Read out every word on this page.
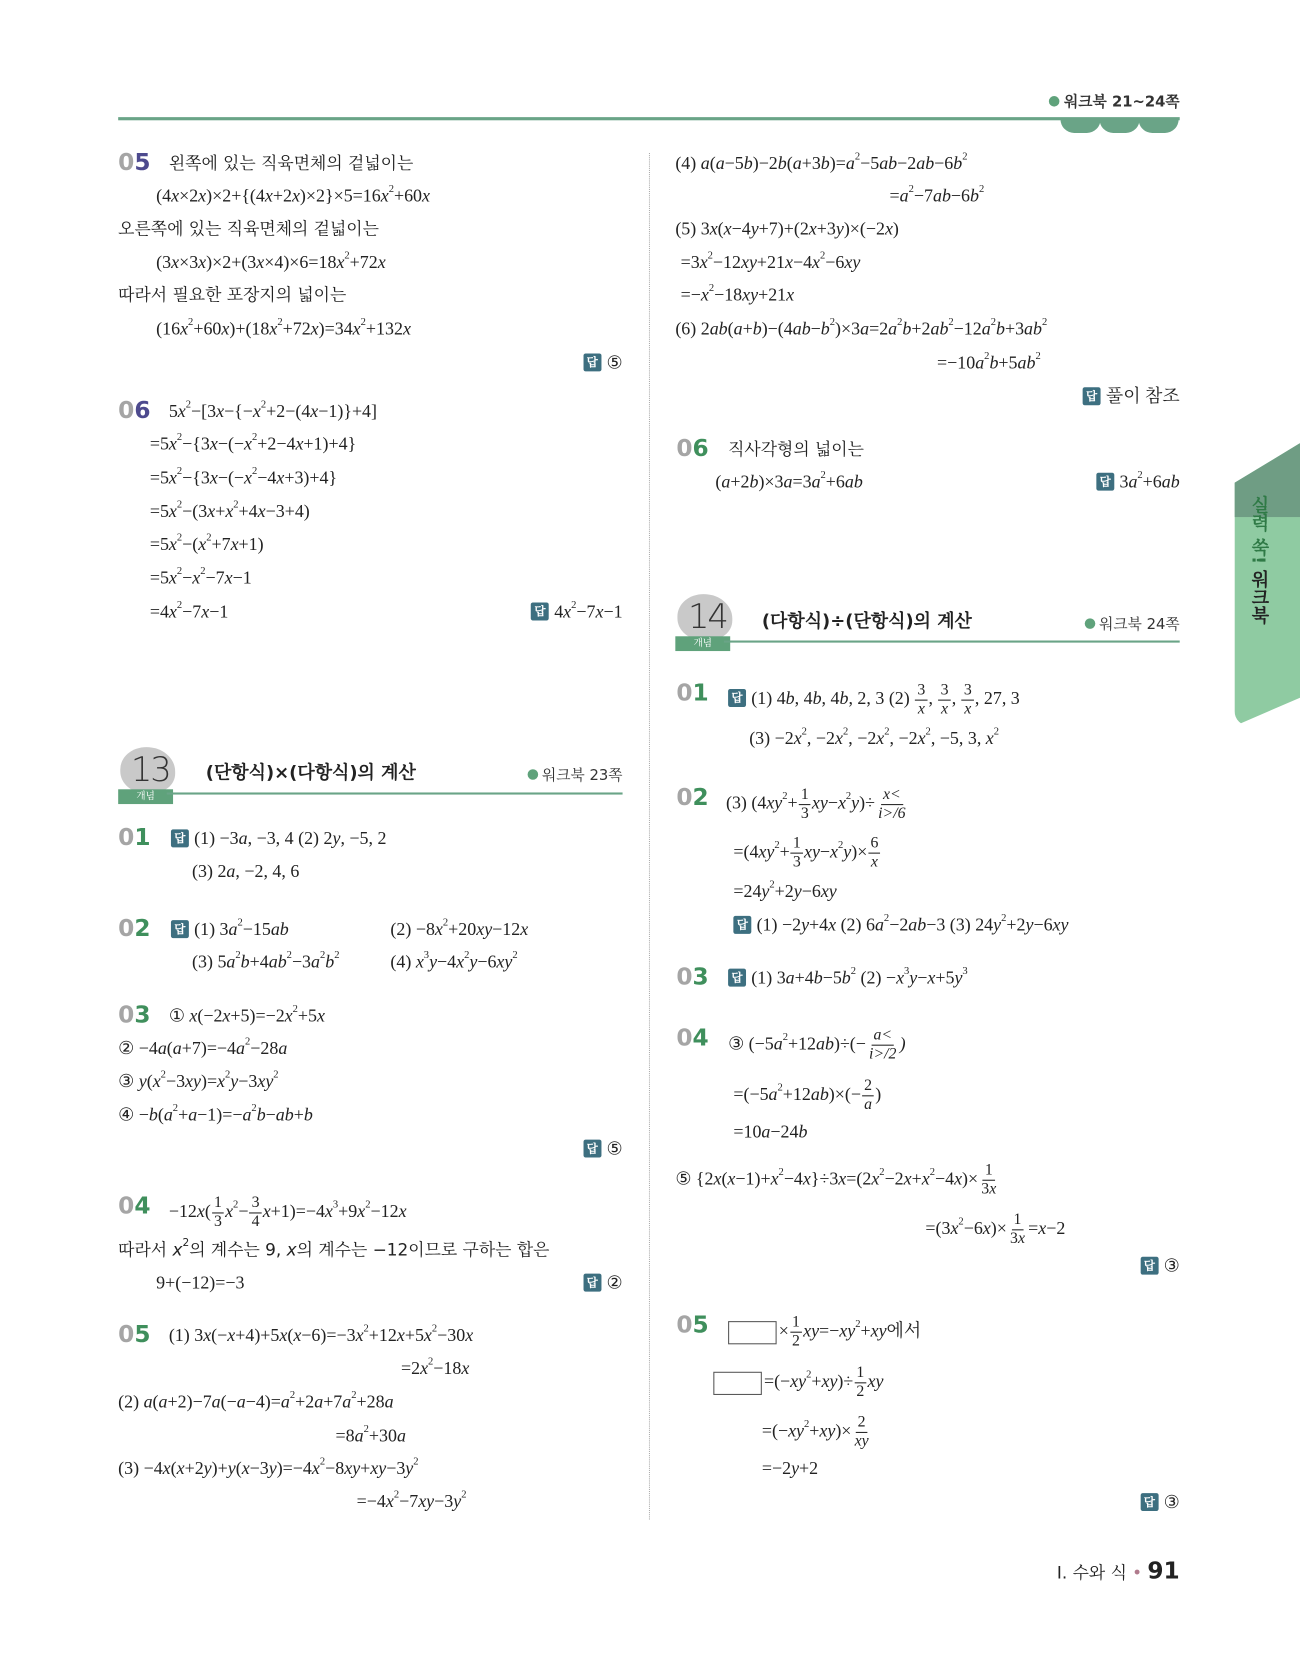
워크북 21~24쪽
05 왼쪽에 있는 직육면체의 겉넓이는
$(4x\times 2x)\times 2+\{(4x+2x)\times 2\}\times 5=16x^2+60x$
오른쪽에 있는 직육면체의 겉넓이는
$(3x\times 3x)\times 2+(3x\times 4)\times 6=18x^2+72x$
따라서 필요한 포장지의 넓이는
$(16x^2+60x)+(18x^2+72x)=34x^2+132x$
답 ⑤
06 $5x^2-[3x-\{-x^2+2-(4x-1)\}+4]$
$=5x^2-\{3x-(-x^2+2-4x+1)+4\}$
$=5x^2-\{3x-(-x^2-4x+3)+4\}$
$=5x^2-(3x+x^2+4x-3+4)$
$=5x^2-(x^2+7x+1)$
$=5x^2-x^2-7x-1$
$=4x^2-7x-1$	답 $4x^2-7x-1$
13
개념
(단항식)×(다항식)의 계산	워크북 23쪽
01	답 (1) −3a, −3, 4 (2) 2y, −5, 2
(3) 2a, −2, 4, 6
02	답 (1) $3a^2-15ab$	$(2) -8x^2+20xy-12x$
(3) $5a^2b+4ab^2-3a^2b^2$	(4) $x^3y-4x^2y-6xy^2$
03 ① $x(-2x+5)=-2x^2+5x$
② $-4a(a+7)=-4a^2-28a$
③ $y(x^2-3xy)=x^2y-3xy^2$
④ $-b(a^2+a-1)=-a^2b-ab+b$
답 ⑤
$04 -12x( \frac{1}{3} x^2- \frac{3}{4} x+1)=-4x^3+9x^2-12x$
따라서 $x^2$의 계수는 9, x의 계수는 −12이므로 구하는 합은
9+(−12)=−3	답 ②
05 (1) $3x(-x+4)+5x(x-6)=-3x^2+12x+5x^2-30x$
$=2x^2-18x$
(2) $a(a+2)-7a(-a-4)=a^2+2a+7a^2+28a$
$=8a^2+30a$
$(3) -4x(x+2y)+y(x-3y)=-4x^2-8xy+xy-3y^2$
$=-4x^2-7xy-3y^2$
(4) $a(a-5b)-2b(a+3b)=a^2-5ab-2ab-6b^2$
$=a^2-7ab-6b^2$
(5) 3x(x−4y+7)+(2x+3y)×(−2x)
$=3x^2-12xy+21x-4x^2-6xy$
$=-x^2-18xy+21x$
(6) $2ab(a+b)-(4ab-b^2)\times 3a=2a^2b+2ab^2-12a^2b+3ab^2$
$=-10a^2b+5ab^2$
답 풀이 참조
06 직사각형의 넓이는
$(a+2b)\times 3a=3a^2+6ab$	답 $3a^2+6ab$
14
개념
(다항식)÷(단항식)의 계산	워크북 24쪽
01	답 (1) 4b, 4b, 4b, 2, 3 $(2) \frac{3}{x}$ , $\frac{3}{x}$ , $\frac{3}{x}$ , 27, 3
$(3) -2x^2$, $-2x^2$, $-2x^2$, $-2x^2$, −5, 3, $x^2$
02 (3) $(4xy^2+ \frac{1}{3} xy-x^2y)\div \frac{x<}{i>/6}$
$=(4xy^2+ \frac{1}{3} xy-x^2y)\times \frac{6}{x}$
$=24y^2+2y-6xy$
답 (1) −2y+4x (2) $6a^2-2ab-3$ (3) $24y^2+2y-6xy$
03	답 (1) $3a+4b-5b^2$ $(2) -x^3y-x+5y^3$
04 ③ $(-5a^2+12ab)\div(- \frac{a<}{i>/2}$ )
$=(-5a^2+12ab)\times(- \frac{2}{a}$ )
=10a−24b
⑤ $\{2x(x-1)+x^2-4x\}\div 3x=(2x^2-2x+x^2-4x)\times \frac{1}{3x}$
$=(3x^2-6x)\times \frac{1}{3x} =x-2$
답 ③
05	× $\frac{1}{2} xy=-xy^2+xy$에서
$=(-xy^2+xy)\div \frac{1}{2}$ xy
$=(-xy^2+xy)\times \frac{2}{xy}$
=−2y+2
답 ③
실력 쑥! 워크북
Ⅰ. 수와 식 • 91
